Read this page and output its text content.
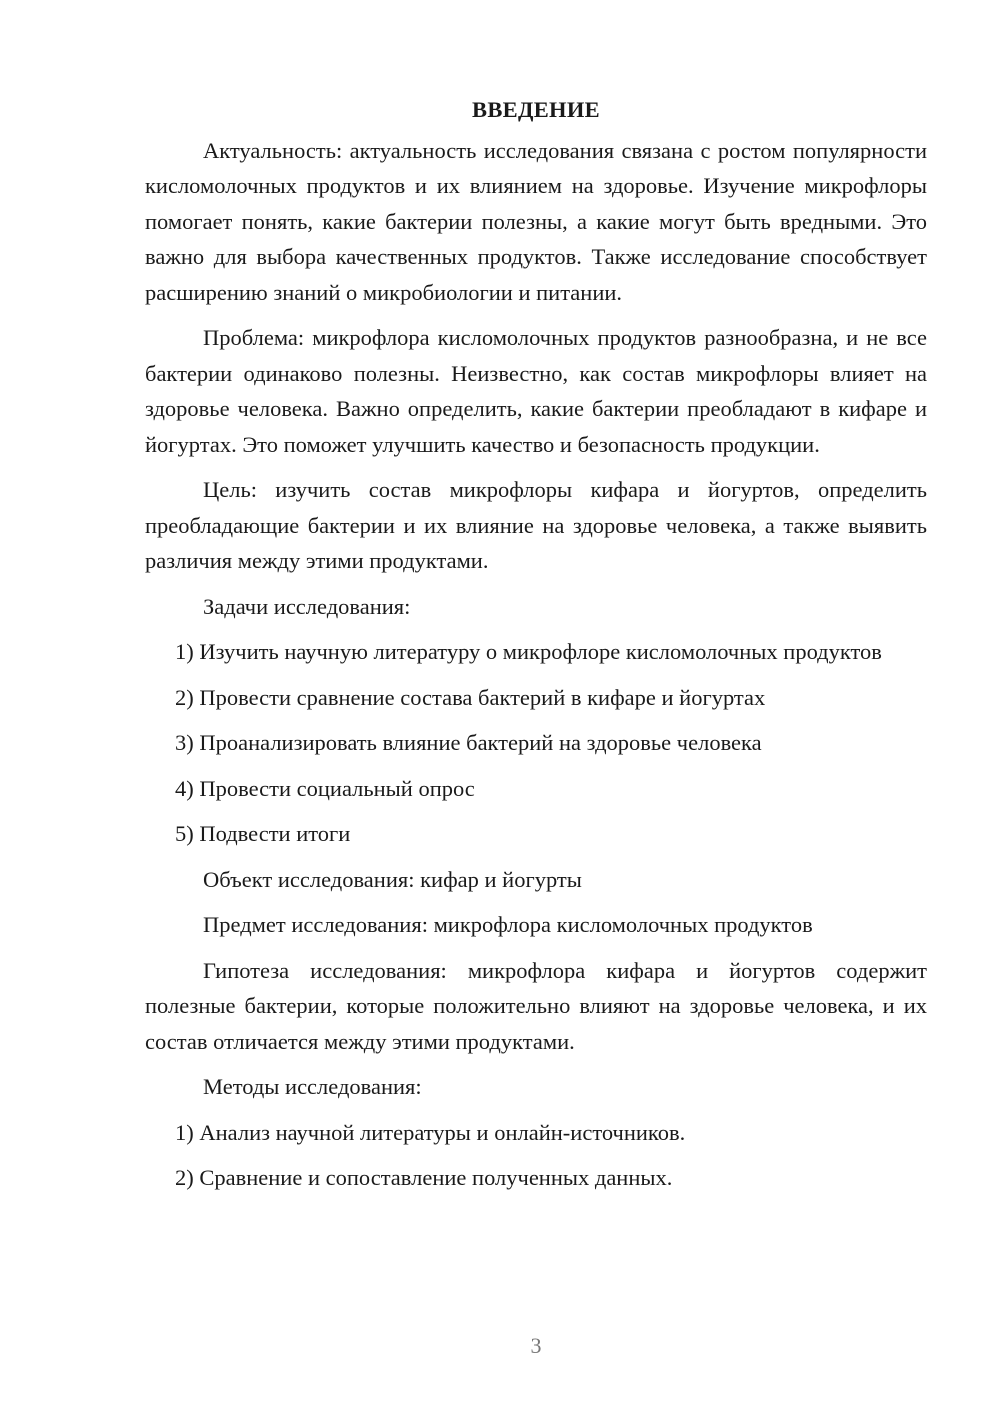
ВВЕДЕНИЕ

Актуальность: актуальность исследования связана с ростом популярности кисломолочных продуктов и их влиянием на здоровье. Изучение микрофлоры помогает понять, какие бактерии полезны, а какие могут быть вредными. Это важно для выбора качественных продуктов. Также исследование способствует расширению знаний о микробиологии и питании.

Проблема: микрофлора кисломолочных продуктов разнообразна, и не все бактерии одинаково полезны. Неизвестно, как состав микрофлоры влияет на здоровье человека. Важно определить, какие бактерии преобладают в кифаре и йогуртах. Это поможет улучшить качество и безопасность продукции.

Цель: изучить состав микрофлоры кифара и йогуртов, определить преобладающие бактерии и их влияние на здоровье человека, а также выявить различия между этими продуктами.

Задачи исследования:

1) Изучить научную литературу о микрофлоре кисломолочных продуктов

2) Провести сравнение состава бактерий в кифаре и йогуртах

3) Проанализировать влияние бактерий на здоровье человека

4) Провести социальный опрос

5) Подвести итоги

Объект исследования: кифар и йогурты

Предмет исследования: микрофлора кисломолочных продуктов

Гипотеза исследования: микрофлора кифара и йогуртов содержит полезные бактерии, которые положительно влияют на здоровье человека, и их состав отличается между этими продуктами.

Методы исследования:

1) Анализ научной литературы и онлайн-источников.

2) Сравнение и сопоставление полученных данных.

3
